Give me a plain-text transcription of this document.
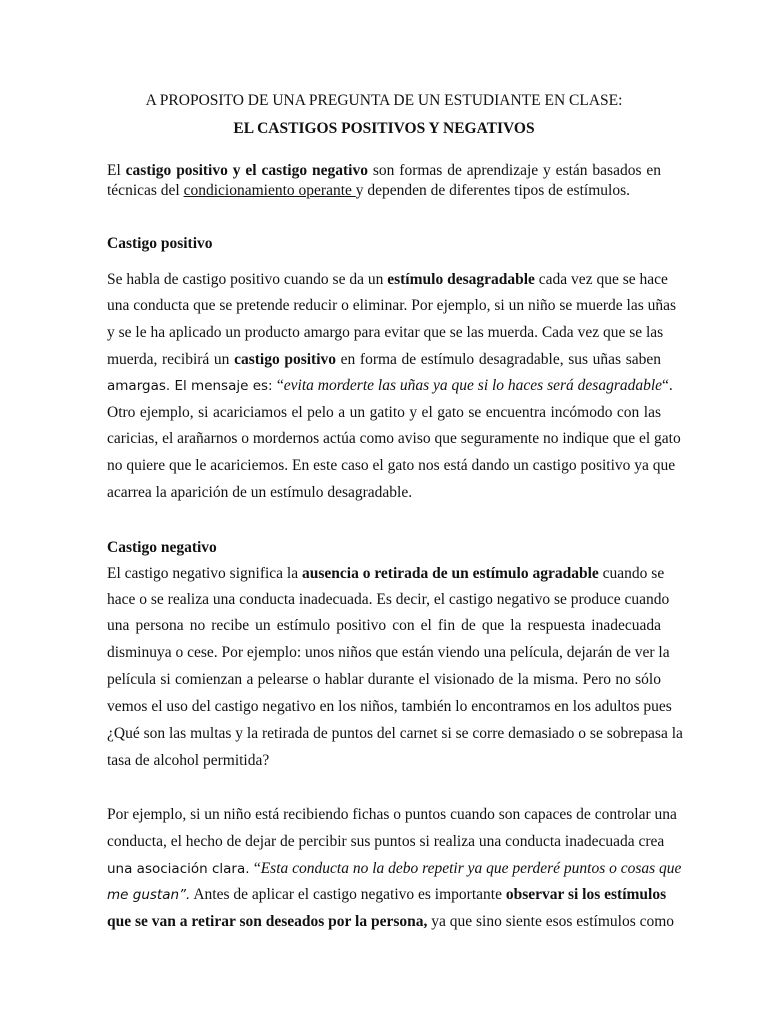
A PROPOSITO DE UNA PREGUNTA DE UN ESTUDIANTE EN CLASE:
EL CASTIGOS POSITIVOS Y NEGATIVOS
El castigo positivo y el castigo negativo son formas de aprendizaje y están basados en
técnicas del condicionamiento operante y dependen de diferentes tipos de estímulos.
Castigo positivo
Se habla de castigo positivo cuando se da un estímulo desagradable cada vez que se hace
una conducta que se pretende reducir o eliminar. Por ejemplo, si un niño se muerde las uñas
y se le ha aplicado un producto amargo para evitar que se las muerda. Cada vez que se las
muerda, recibirá un castigo positivo en forma de estímulo desagradable, sus uñas saben
amargas. El mensaje es: “evita morderte las uñas ya que si lo haces será desagradable“.
Otro ejemplo, si acariciamos el pelo a un gatito y el gato se encuentra incómodo con las
caricias, el arañarnos o mordernos actúa como aviso que seguramente no indique que el gato
no quiere que le acariciemos. En este caso el gato nos está dando un castigo positivo ya que
acarrea la aparición de un estímulo desagradable.
Castigo negativo
El castigo negativo significa la ausencia o retirada de un estímulo agradable cuando se
hace o se realiza una conducta inadecuada. Es decir, el castigo negativo se produce cuando
una persona no recibe un estímulo positivo con el fin de que la respuesta inadecuada
disminuya o cese. Por ejemplo: unos niños que están viendo una película, dejarán de ver la
película si comienzan a pelearse o hablar durante el visionado de la misma. Pero no sólo
vemos el uso del castigo negativo en los niños, también lo encontramos en los adultos pues
¿Qué son las multas y la retirada de puntos del carnet si se corre demasiado o se sobrepasa la
tasa de alcohol permitida?
Por ejemplo, si un niño está recibiendo fichas o puntos cuando son capaces de controlar una
conducta, el hecho de dejar de percibir sus puntos si realiza una conducta inadecuada crea
una asociación clara. “Esta conducta no la debo repetir ya que perderé puntos o cosas que
me gustan”. Antes de aplicar el castigo negativo es importante observar si los estímulos
que se van a retirar son deseados por la persona, ya que sino siente esos estímulos como
